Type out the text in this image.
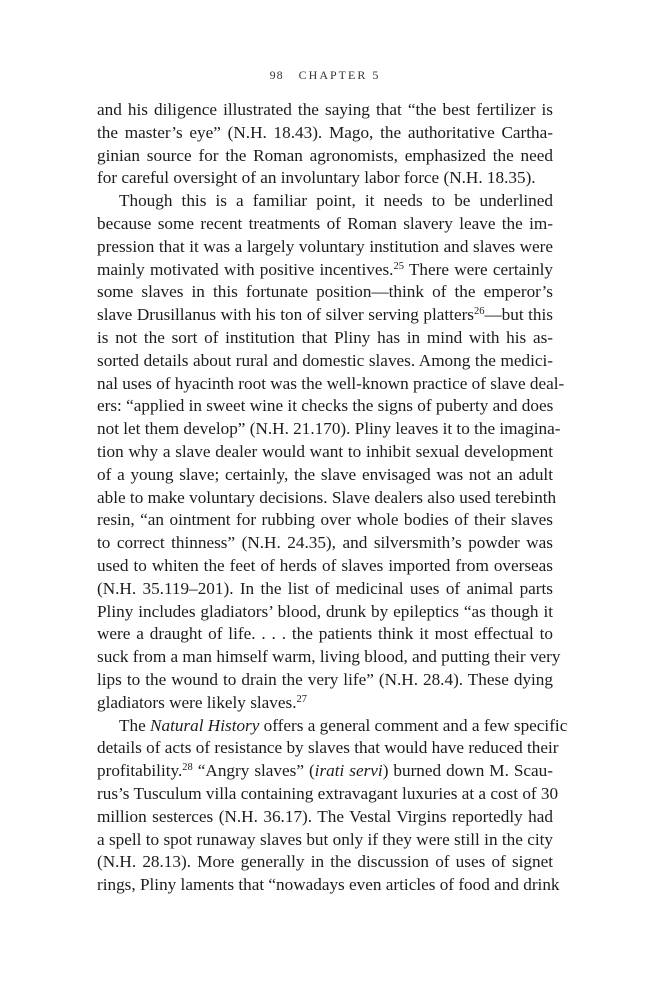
98 CHAPTER 5
and his diligence illustrated the saying that “the best fertilizer is
the master’s eye” (N.H. 18.43). Mago, the authoritative Cartha-
ginian source for the Roman agronomists, emphasized the need
for careful oversight of an involuntary labor force (N.H. 18.35).
Though this is a familiar point, it needs to be underlined
because some recent treatments of Roman slavery leave the im-
pression that it was a largely voluntary institution and slaves were
mainly motivated with positive incentives.$^{25}$ There were certainly
some slaves in this fortunate position—think of the emperor’s
slave Drusillanus with his ton of silver serving platters$^{26}$—but this
is not the sort of institution that Pliny has in mind with his as-
sorted details about rural and domestic slaves. Among the medici-
nal uses of hyacinth root was the well-known practice of slave deal-
ers: “applied in sweet wine it checks the signs of puberty and does
not let them develop” (N.H. 21.170). Pliny leaves it to the imagina-
tion why a slave dealer would want to inhibit sexual development
of a young slave; certainly, the slave envisaged was not an adult
able to make voluntary decisions. Slave dealers also used terebinth
resin, “an ointment for rubbing over whole bodies of their slaves
to correct thinness” (N.H. 24.35), and silversmith’s powder was
used to whiten the feet of herds of slaves imported from overseas
(N.H. 35.119–201). In the list of medicinal uses of animal parts
Pliny includes gladiators’ blood, drunk by epileptics “as though it
were a draught of life. . . . the patients think it most effectual to
suck from a man himself warm, living blood, and putting their very
lips to the wound to drain the very life” (N.H. 28.4). These dying
gladiators were likely slaves.$^{27}$
The Natural History offers a general comment and a few specific
details of acts of resistance by slaves that would have reduced their
profitability.$^{28}$ “Angry slaves” (irati servi) burned down M. Scau-
rus’s Tusculum villa containing extravagant luxuries at a cost of 30
million sesterces (N.H. 36.17). The Vestal Virgins reportedly had
a spell to spot runaway slaves but only if they were still in the city
(N.H. 28.13). More generally in the discussion of uses of signet
rings, Pliny laments that “nowadays even articles of food and drink
